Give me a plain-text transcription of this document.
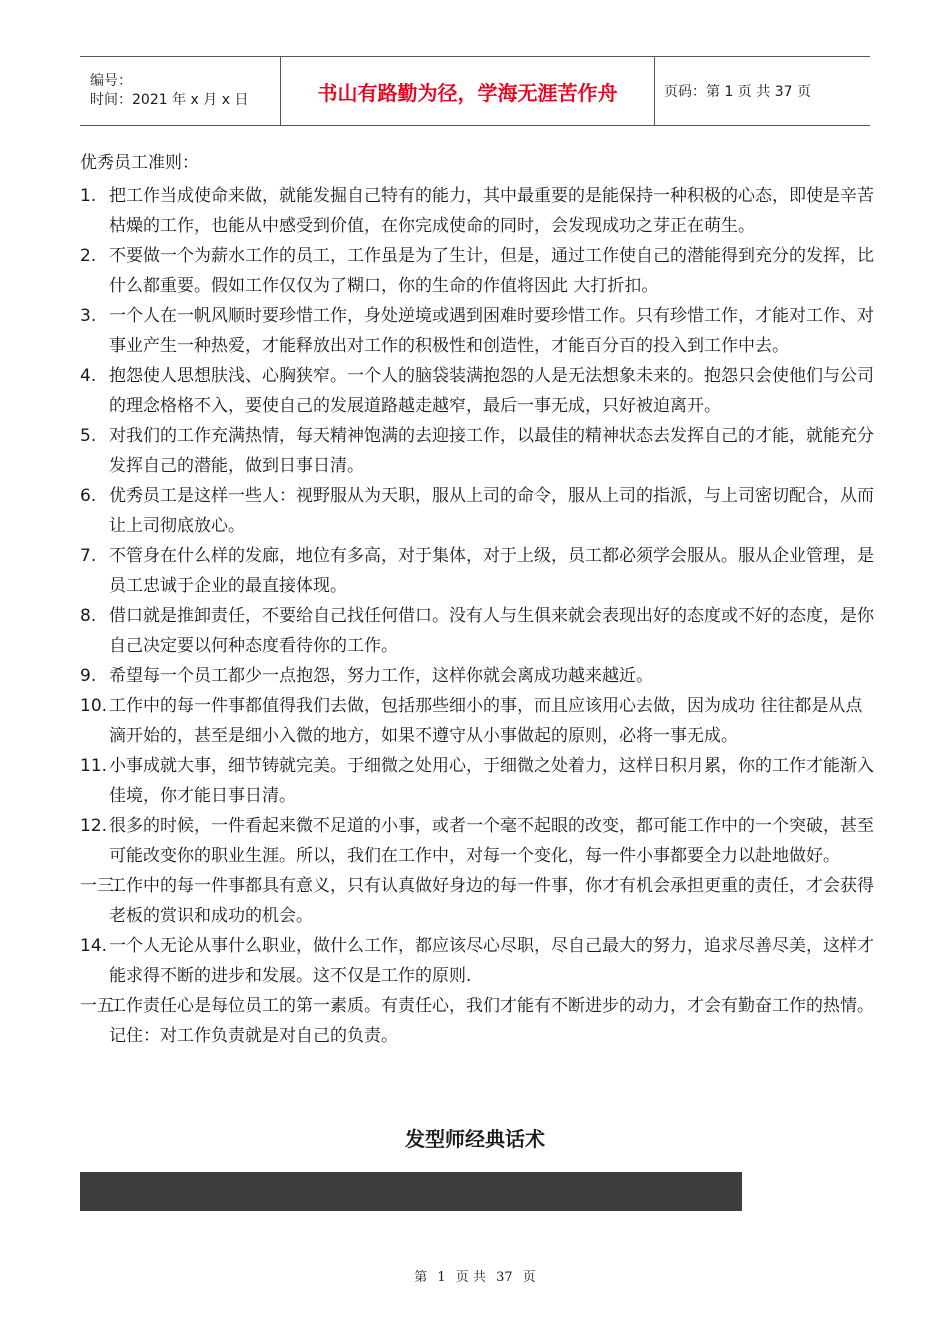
编号：
时间：2021 年 x 月 x 日	书山有路勤为径，学海无涯苦作舟	页码：第 1 页 共 37 页
优秀员工准则：
1. 把工作当成使命来做，就能发掘自己特有的能力，其中最重要的是能保持一种积极的心态，即使是辛苦枯燥的工作，也能从中感受到价值，在你完成使命的同时，会发现成功之芽正在萌生。
2. 不要做一个为薪水工作的员工，工作虽是为了生计，但是，通过工作使自己的潜能得到充分的发挥，比什么都重要。假如工作仅仅为了糊口，你的生命的作值将因此 大打折扣。
3. 一个人在一帆风顺时要珍惜工作，身处逆境或遇到困难时要珍惜工作。只有珍惜工作，才能对工作、对事业产生一种热爱，才能释放出对工作的积极性和创造性，才能百分百的投入到工作中去。
4. 抱怨使人思想肤浅、心胸狭窄。一个人的脑袋装满抱怨的人是无法想象未来的。抱怨只会使他们与公司的理念格格不入，要使自己的发展道路越走越窄，最后一事无成，只好被迫离开。
5. 对我们的工作充满热情，每天精神饱满的去迎接工作，以最佳的精神状态去发挥自己的才能，就能充分发挥自己的潜能，做到日事日清。
6. 优秀员工是这样一些人：视野服从为天职，服从上司的命令，服从上司的指派，与上司密切配合，从而让上司彻底放心。
7. 不管身在什么样的发廊，地位有多高，对于集体，对于上级，员工都必须学会服从。服从企业管理，是员工忠诚于企业的最直接体现。
8. 借口就是推卸责任，不要给自己找任何借口。没有人与生俱来就会表现出好的态度或不好的态度，是你自己决定要以何种态度看待你的工作。
9. 希望每一个员工都少一点抱怨，努力工作，这样你就会离成功越来越近。
10. 工作中的每一件事都值得我们去做，包括那些细小的事，而且应该用心去做，因为成功 往往都是从点滴开始的，甚至是细小入微的地方，如果不遵守从小事做起的原则，必将一事无成。
11. 小事成就大事，细节铸就完美。于细微之处用心，于细微之处着力，这样日积月累，你的工作才能渐入佳境，你才能日事日清。
12. 很多的时候，一件看起来微不足道的小事，或者一个毫不起眼的改变，都可能工作中的一个突破，甚至可能改变你的职业生涯。所以，我们在工作中，对每一个变化，每一件小事都要全力以赴地做好。
一三.
工作中的每一件事都具有意义，只有认真做好身边的每一件事，你才有机会承担更重的责任，才会获得老板的赏识和成功的机会。
14. 一个人无论从事什么职业，做什么工作，都应该尽心尽职，尽自己最大的努力，追求尽善尽美，这样才能求得不断的进步和发展。这不仅是工作的原则.
一五.
工作责任心是每位员工的第一素质。有责任心，我们才能有不断进步的动力，才会有勤奋工作的热情。记住：对工作负责就是对自己的负责。
发型师经典话术
第 1 页 共 37 页
